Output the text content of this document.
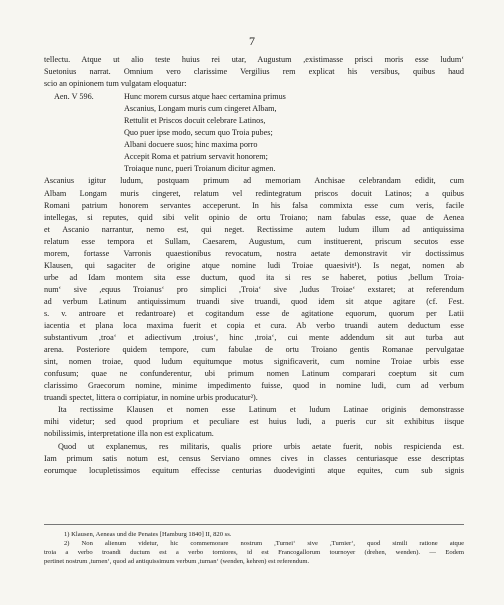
7
tellectu. Atque ut alio teste huius rei utar, Augustum ,existimasse prisci moris esse ludum‘
Suetonius narrat. Omnium vero clarissime Vergilius rem explicat his versibus, quibus haud
scio an opinionem tum vulgatam eloquatur:
Aen. V 596.	Hunc morem cursus atque haec certamina primus
Ascanius, Longam muris cum cingeret Albam,
Rettulit et Priscos docuit celebrare Latinos,
Quo puer ipse modo, secum quo Troia pubes;
Albani docuere suos; hinc maxima porro
Accepit Roma et patrium servavit honorem;
Troiaque nunc, pueri Troianum dicitur agmen.
Ascanius igitur ludum, postquam primum ad memoriam Anchisae celebrandam edidit, cum
Albam Longam muris cingeret, relatum vel redintegratum priscos docuit Latinos; a quibus
Romani patrium honorem servantes acceperunt. In his falsa commixta esse cum veris, facile
intellegas, si reputes, quid sibi velit opinio de ortu Troiano; nam fabulas esse, quae de Aenea
et Ascanio narrantur, nemo est, qui neget. Rectissime autem ludum illum ad antiquissima
relatum esse tempora et Sullam, Caesarem, Augustum, cum instituerent, priscum secutos esse
morem, fortasse Varronis quaestionibus revocatum, nostra aetate demonstravit vir doctissimus
Klausen, qui sagaciter de origine atque nomine ludi Troiae quaesivit¹). Is negat, nomen ab
urbe ad Idam montem sita esse ductum, quod ita si res se haberet, potius ,bellum Troia-
num‘ sive ,equus Troianus‘ pro simplici ,Troia‘ sive ,ludus Troiae‘ exstaret; at referendum
ad verbum Latinum antiquissimum truandi sive truandi, quod idem sit atque agitare (cf. Fest.
s. v. antroare et redantroare) et cogitandum esse de agitatione equorum, quorum per Latii
iacentia et plana loca maxima fuerit et copia et cura. Ab verbo truandi autem deductum esse
substantivum ,troa‘ et adiectivum ,troius‘, hinc ,troia‘, cui mente addendum sit aut turba aut
arena. Posteriore quidem tempore, cum fabulae de ortu Troiano gentis Romanae pervulgatae
sint, nomen troiae, quod ludum equitumque motus significaverit, cum nomine Troiae urbis esse
confusum; quae ne confunderentur, ubi primum nomen Latinum comparari coeptum sit cum
clarissimo Graecorum nomine, minime impedimento fuisse, quod in nomine ludi, cum ad verbum
truandi spectet, littera o corripiatur, in nomine urbis producatur²).
Ita rectissime Klausen et nomen esse Latinum et ludum Latinae originis demonstrasse
mihi videtur; sed quod proprium et peculiare est huius ludi, a pueris cur sit exhibitus iisque
nobilissimis, interpretatione illa non est explicatum.
Quod ut explanemus, res militaris, qualis priore urbis aetate fuerit, nobis respicienda est.
Iam primum satis notum est, census Serviano omnes cives in classes centuriasque esse descriptas
eorumque locupletissimos equitum effecisse centurias duodeviginti atque equites, cum sub signis
1) Klausen, Aeneas und die Penates [Hamburg 1840] II, 820 ss.
2) Non alienum videtur, hic commemorare nostrum ,Turnei‘ sive ,Turnier‘, quod simili ratione atque
troia a verbo troandi ductum est a verbo torniores, id est Francogallorum tournoyer (drehen, wenden). — Eodem
pertinet nostrum ,turnen‘, quod ad antiquissimum verbum ,turnan‘ (wenden, kehren) est referendum.
